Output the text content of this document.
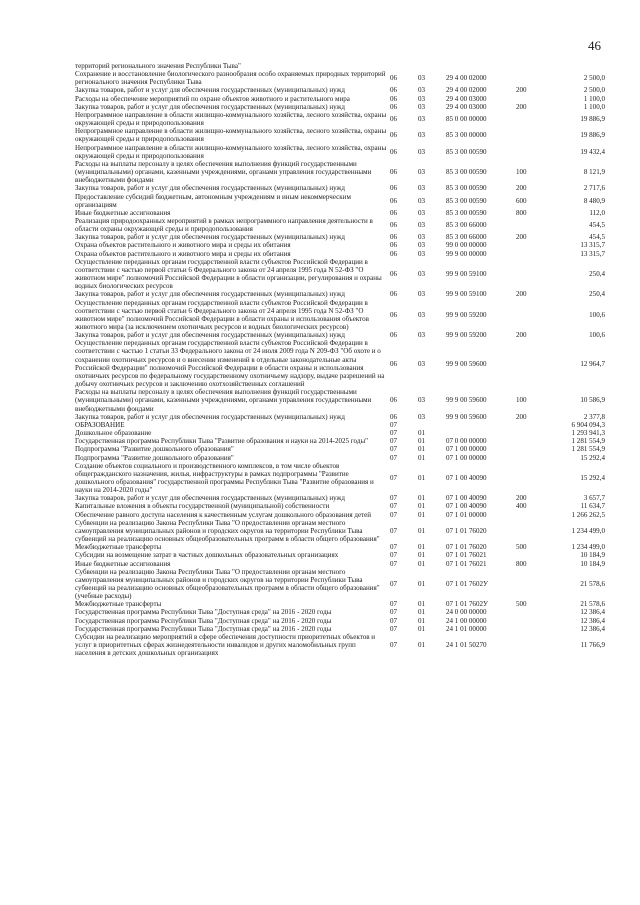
46
территорий регионального значения Республики Тыва"					
Сохранение и восстановление биологического разнообразия особо охраняемых природных территорий регионального значения Республики Тыва	06	03	29 4 00 02000		2 500,0
Закупка товаров, работ и услуг для обеспечения государственных (муниципальных) нужд	06	03	29 4 00 02000	200	2 500,0
Расходы на обеспечение мероприятий по охране объектов животного и растительного мира	06	03	29 4 00 03000		1 100,0
Закупка товаров, работ и услуг для обеспечения государственных (муниципальных) нужд	06	03	29 4 00 03000	200	1 100,0
Непрограммное направление в области жилищно-коммунального хозяйства, лесного хозяйства, охраны окружающей среды и природопользования	06	03	85 0 00 00000		19 886,9
Непрограммное направление в области жилищно-коммунального хозяйства, лесного хозяйства, охраны окружающей среды и природопользования	06	03	85 3 00 00000		19 886,9
Непрограммное направление в области жилищно-коммунального хозяйства, лесного хозяйства, охраны окружающей среды и природопользования	06	03	85 3 00 00590		19 432,4
Расходы на выплаты персоналу в целях обеспечения выполнения функций государственными (муниципальными) органами, казенными учреждениями, органами управления государственными внебюджетными фондами	06	03	85 3 00 00590	100	8 121,9
Закупка товаров, работ и услуг для обеспечения государственных (муниципальных) нужд	06	03	85 3 00 00590	200	2 717,6
Предоставление субсидий бюджетным, автономным учреждениям и иным некоммерческим организациям	06	03	85 3 00 00590	600	8 480,9
Иные бюджетные ассигнования	06	03	85 3 00 00590	800	112,0
Реализация природоохранных мероприятий в рамках непрограммного направления деятельности в области охраны окружающей среды и природопользования	06	03	85 3 00 66000		454,5
Закупка товаров, работ и услуг для обеспечения государственных (муниципальных) нужд	06	03	85 3 00 66000	200	454,5
Охрана объектов растительного и животного мира и среды их обитания	06	03	99 0 00 00000		13 315,7
Охрана объектов растительного и животного мира и среды их обитания	06	03	99 9 00 00000		13 315,7
Осуществление переданных органам государственной власти субъектов Российской Федерации в соответствии с частью первой статьи 6 Федерального закона от 24 апреля 1995 года N 52-ФЗ "О животном мире" полномочий Российской Федерации в области организации, регулирования и охраны водных биологических ресурсов	06	03	99 9 00 59100		250,4
Закупка товаров, работ и услуг для обеспечения государственных (муниципальных) нужд	06	03	99 9 00 59100	200	250,4
Осуществление переданных органам государственной власти субъектов Российской Федерации в соответствии с частью первой статьи 6 Федерального закона от 24 апреля 1995 года N 52-ФЗ "О животном мире" полномочий Российской Федерации в области охраны и использования объектов животного мира (за исключением охотничьих ресурсов и водных биологических ресурсов)	06	03	99 9 00 59200		100,6
Закупка товаров, работ и услуг для обеспечения государственных (муниципальных) нужд	06	03	99 9 00 59200	200	100,6
Осуществление переданных органам государственной власти субъектов Российской Федерации в соответствии с частью 1 статьи 33 Федерального закона от 24 июля 2009 года N 209-ФЗ "Об охоте и о сохранении охотничьих ресурсов и о внесении изменений в отдельные законодательные акты Российской Федерации" полномочий Российской Федерации в области охраны и использования охотничьих ресурсов по федеральному государственному охотничьему надзору, выдаче разрешений на добычу охотничьих ресурсов и заключению охотхозяйственных соглашений	06	03	99 9 00 59600		12 964,7
Расходы на выплаты персоналу в целях обеспечения выполнения функций государственными (муниципальными) органами, казенными учреждениями, органами управления государственными внебюджетными фондами	06	03	99 9 00 59600	100	10 586,9
Закупка товаров, работ и услуг для обеспечения государственных (муниципальных) нужд	06	03	99 9 00 59600	200	2 377,8
ОБРАЗОВАНИЕ	07				6 904 094,3
Дошкольное образование	07	01			1 293 941,3
Государственная программа Республики Тыва "Развитие образования и науки на 2014-2025 годы"	07	01	07 0 00 00000		1 281 554,9
Подпрограмма "Развитие дошкольного образования"	07	01	07 1 00 00000		1 281 554,9
Подпрограмма "Развитие дошкольного образования"	07	01	07 1 00 00000		15 292,4
Создание объектов социального и производственного комплексов, в том числе объектов общегражданского назначения, жилья, инфраструктуры в рамках подпрограммы "Развитие дошкольного образования" государственной программы Республики Тыва "Развитие образования и науки на 2014-2020 годы"	07	01	07 1 00 40090		15 292,4
Закупка товаров, работ и услуг для обеспечения государственных (муниципальных) нужд	07	01	07 1 00 40090	200	3 657,7
Капитальные вложения в объекты государственной (муниципальной) собственности	07	01	07 1 00 40090	400	11 634,7
Обеспечение равного доступа населения к качественным услугам дошкольного образования детей	07	01	07 1 01 00000		1 266 262,5
Субвенции на реализацию Закона Республики Тыва "О предоставлении органам местного самоуправления муниципальных районов и городских округов на территории Республики Тыва субвенций на реализацию основных общеобразовательных программ в области общего образования"	07	01	07 1 01 76020		1 234 499,0
Межбюджетные трансферты	07	01	07 1 01 76020	500	1 234 499,0
Субсидии на возмещение затрат в частных дошкольных образовательных организациях	07	01	07 1 01 76021		10 184,9
Иные бюджетные ассигнования	07	01	07 1 01 76021	800	10 184,9
Субвенции на реализацию Закона Республики Тыва "О предоставлении органам местного самоуправления муниципальных районов и городских округов на территории Республики Тыва субвенций на реализацию основных общеобразовательных программ в области общего образования" (учебные расходы)	07	01	07 1 01 7602У		21 578,6
Межбюджетные трансферты	07	01	07 1 01 7602У	500	21 578,6
Государственная программа Республики Тыва "Доступная среда" на 2016 - 2020 годы	07	01	24 0 00 00000		12 386,4
Государственная программа Республики Тыва "Доступная среда" на 2016 - 2020 годы	07	01	24 1 00 00000		12 386,4
Государственная программа Республики Тыва "Доступная среда" на 2016 - 2020 годы	07	01	24 1 01 00000		12 386,4
Субсидии на реализацию мероприятий в сфере обеспечения доступности приоритетных объектов и услуг в приоритетных сферах жизнедеятельности инвалидов и других маломобильных групп населения в детских дошкольных организациях	07	01	24 1 01 50270		11 766,9
